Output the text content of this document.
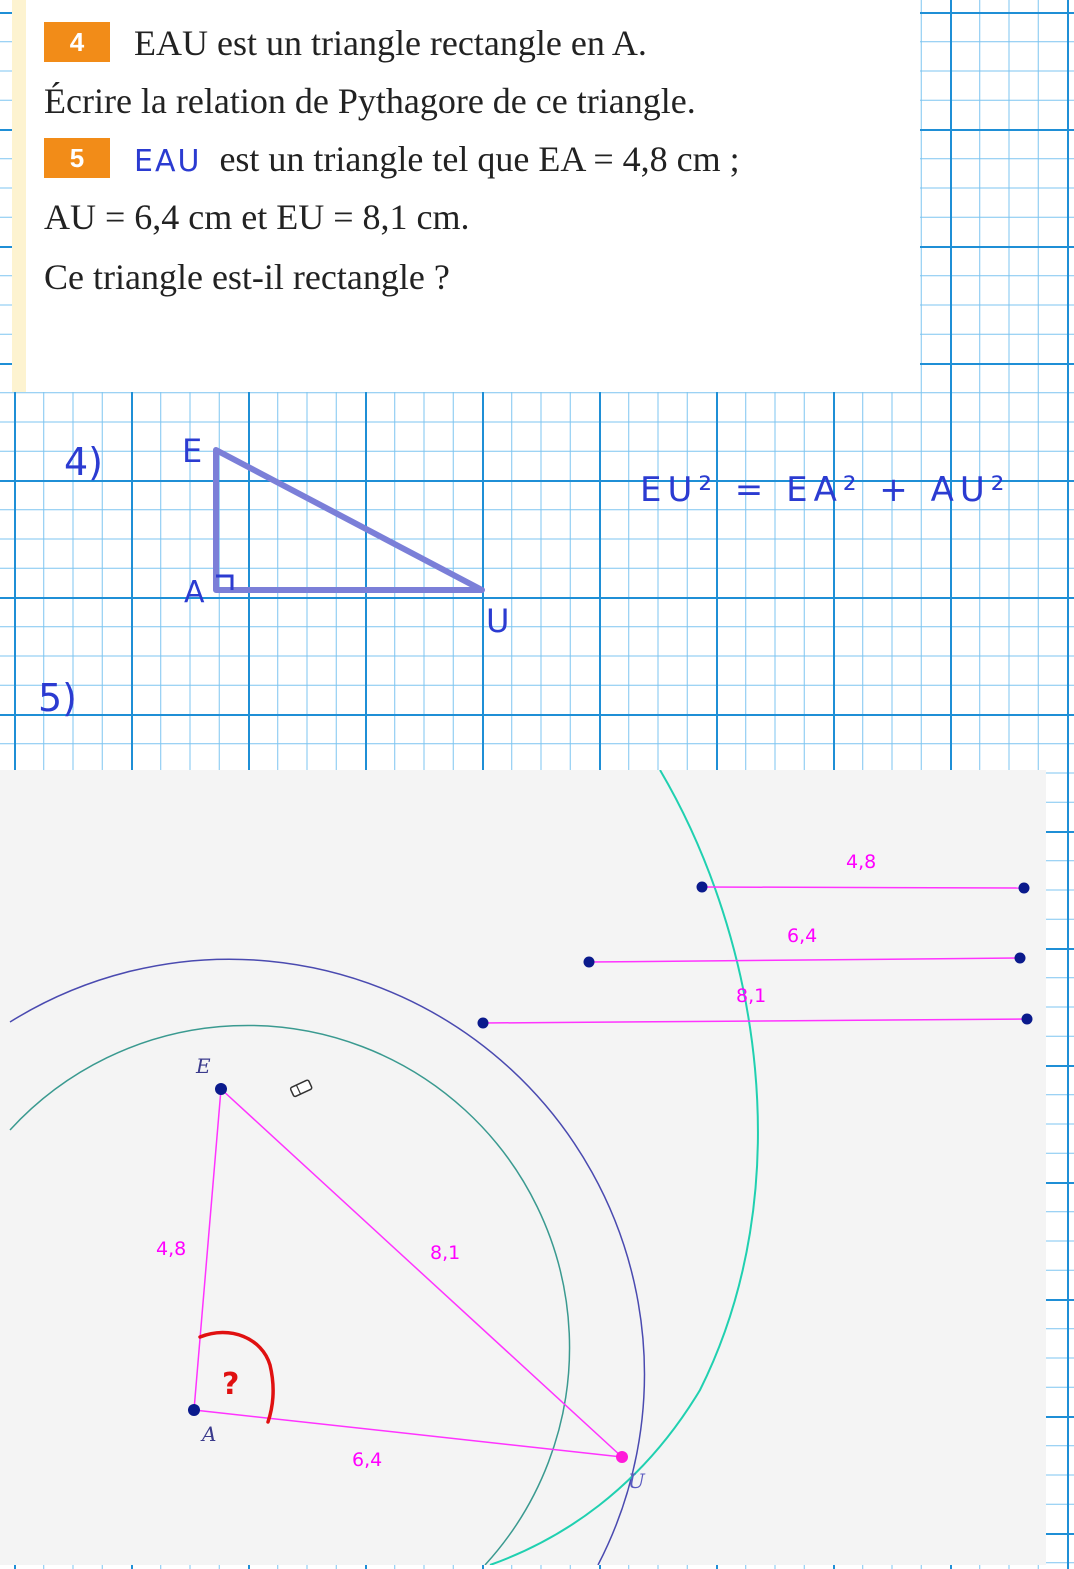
4 EAU est un triangle rectangle en A.
Écrire la relation de Pythagore de ce triangle.
5 EAU est un triangle tel que EA = 4,8 cm ;
AU = 6,4 cm et EU = 8,1 cm.
Ce triangle est-il rectangle ?
4)
5)
EU² = EA² + AU²
E
A
U
4,8
6,4
8,1
E
A
U
4,8	8,1
6,4
?
